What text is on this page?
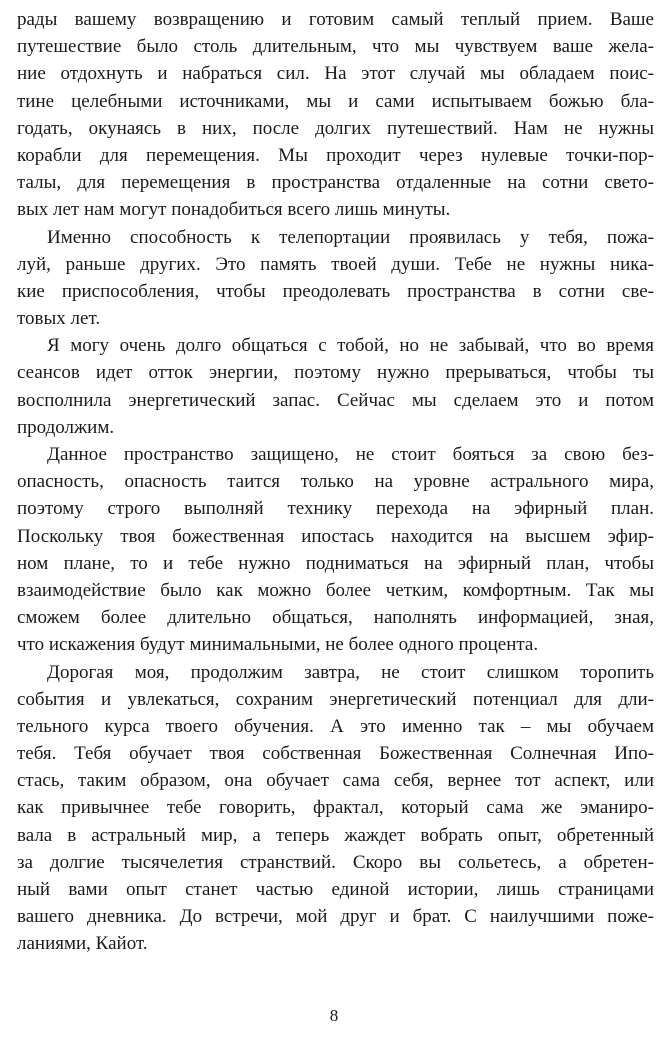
рады вашему возвращению и готовим самый теплый прием. Ваше
путешествие было столь длительным, что мы чувствуем ваше жела-
ние отдохнуть и набраться сил. На этот случай мы обладаем поис-
тине целебными источниками, мы и сами испытываем божью бла-
годать, окунаясь в них, после долгих путешествий. Нам не нужны
корабли для перемещения. Мы проходит через нулевые точки-пор-
талы, для перемещения в пространства отдаленные на сотни свето-
вых лет нам могут понадобиться всего лишь минуты.
Именно способность к телепортации проявилась у тебя, пожа-
луй, раньше других. Это память твоей души. Тебе не нужны ника-
кие приспособления, чтобы преодолевать пространства в сотни све-
товых лет.
Я могу очень долго общаться с тобой, но не забывай, что во время
сеансов идет отток энергии, поэтому нужно прерываться, чтобы ты
восполнила энергетический запас. Сейчас мы сделаем это и потом
продолжим.
Данное пространство защищено, не стоит бояться за свою без-
опасность, опасность таится только на уровне астрального мира,
поэтому строго выполняй технику перехода на эфирный план.
Поскольку твоя божественная ипостась находится на высшем эфир-
ном плане, то и тебе нужно подниматься на эфирный план, чтобы
взаимодействие было как можно более четким, комфортным. Так мы
сможем более длительно общаться, наполнять информацией, зная,
что искажения будут минимальными, не более одного процента.
Дорогая моя, продолжим завтра, не стоит слишком торопить
события и увлекаться, сохраним энергетический потенциал для дли-
тельного курса твоего обучения. А это именно так – мы обучаем
тебя. Тебя обучает твоя собственная Божественная Солнечная Ипо-
стась, таким образом, она обучает сама себя, вернее тот аспект, или
как привычнее тебе говорить, фрактал, который сама же эманиро-
вала в астральный мир, а теперь жаждет вобрать опыт, обретенный
за долгие тысячелетия странствий. Скоро вы сольетесь, а обретен-
ный вами опыт станет частью единой истории, лишь страницами
вашего дневника. До встречи, мой друг и брат. С наилучшими поже-
ланиями, Кайот.
8
